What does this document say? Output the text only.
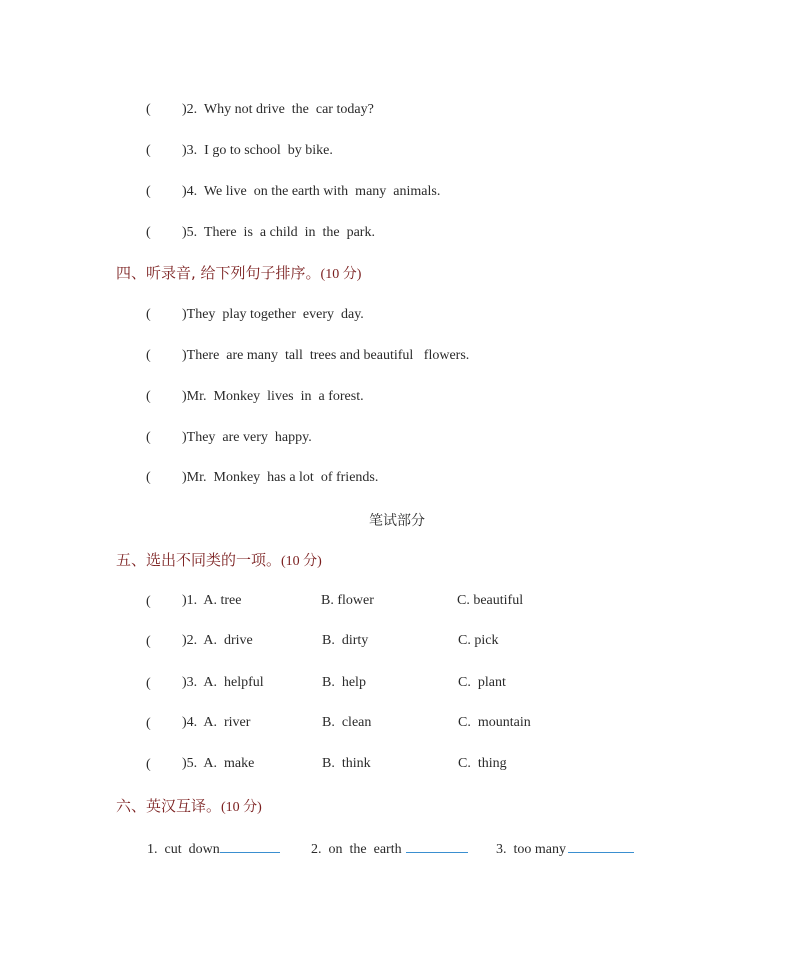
( )2.  Why not drive  the  car today?
( )3.  I go to school  by bike.
( )4.  We live  on the earth with  many  animals.
( )5.  There  is  a child  in  the  park.
四、听录音, 给下列句子排序。(10 分)
( )They  play together  every  day.
( )There  are many  tall  trees and beautiful   flowers.
( )Mr.  Monkey  lives  in  a forest.
( )They  are very  happy.
( )Mr.  Monkey  has a lot  of friends.
笔试部分
五、选出不同类的一项。(10 分)
( )1.  A. tree	B. flower	C. beautiful
( )2.  A.  drive	B.  dirty	C. pick
( )3.  A.  helpful	B.  help	C.  plant
( )4.  A.  river	B.  clean	C.  mountain
( )5.  A.  make	B.  think	C.  thing
六、英汉互译。(10 分)
1.  cut  down	2.  on  the  earth	3.  too many
